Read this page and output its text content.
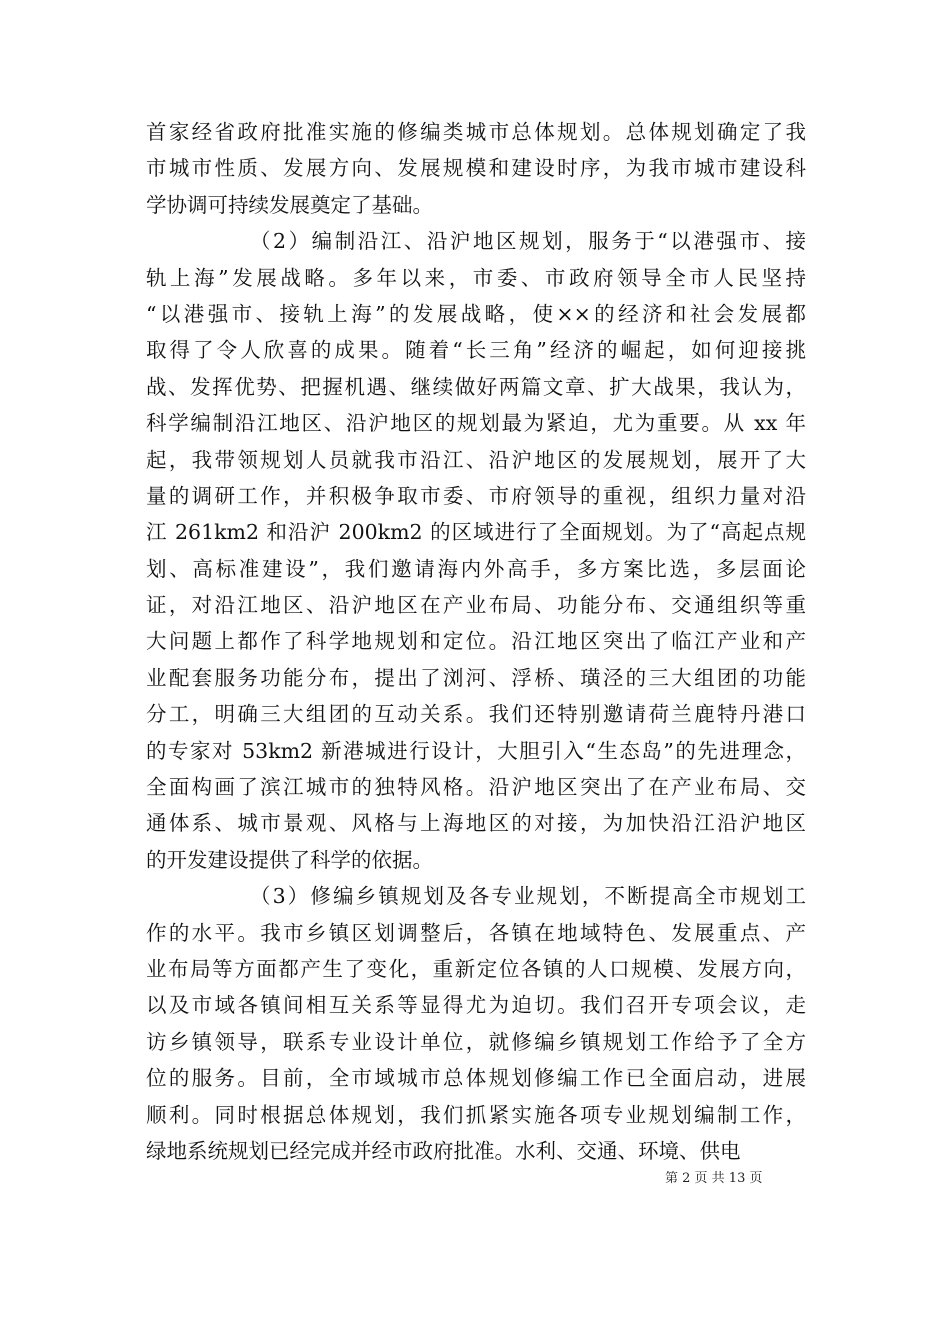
首家经省政府批准实施的修编类城市总体规划。总体规划确定了我
市城市性质、发展方向、发展规模和建设时序，为我市城市建设科
学协调可持续发展奠定了基础。
（2）编制沿江、沿沪地区规划，服务于“以港强市、接
轨上海”发展战略。多年以来，市委、市政府领导全市人民坚持
“以港强市、接轨上海”的发展战略，使××的经济和社会发展都
取得了令人欣喜的成果。随着“长三角”经济的崛起，如何迎接挑
战、发挥优势、把握机遇、继续做好两篇文章、扩大战果，我认为，
科学编制沿江地区、沿沪地区的规划最为紧迫，尤为重要。从 xx 年
起，我带领规划人员就我市沿江、沿沪地区的发展规划，展开了大
量的调研工作，并积极争取市委、市府领导的重视，组织力量对沿
江 261km2 和沿沪 200km2 的区域进行了全面规划。为了“高起点规
划、高标准建设”，我们邀请海内外高手，多方案比选，多层面论
证，对沿江地区、沿沪地区在产业布局、功能分布、交通组织等重
大问题上都作了科学地规划和定位。沿江地区突出了临江产业和产
业配套服务功能分布，提出了浏河、浮桥、璜泾的三大组团的功能
分工，明确三大组团的互动关系。我们还特别邀请荷兰鹿特丹港口
的专家对 53km2 新港城进行设计，大胆引入“生态岛”的先进理念，
全面构画了滨江城市的独特风格。沿沪地区突出了在产业布局、交
通体系、城市景观、风格与上海地区的对接，为加快沿江沿沪地区
的开发建设提供了科学的依据。
（3）修编乡镇规划及各专业规划，不断提高全市规划工
作的水平。我市乡镇区划调整后，各镇在地域特色、发展重点、产
业布局等方面都产生了变化，重新定位各镇的人口规模、发展方向，
以及市域各镇间相互关系等显得尤为迫切。我们召开专项会议，走
访乡镇领导，联系专业设计单位，就修编乡镇规划工作给予了全方
位的服务。目前，全市域城市总体规划修编工作已全面启动，进展
顺利。同时根据总体规划，我们抓紧实施各项专业规划编制工作，
绿地系统规划已经完成并经市政府批准。水利、交通、环境、供电
第 2 页 共 13 页
